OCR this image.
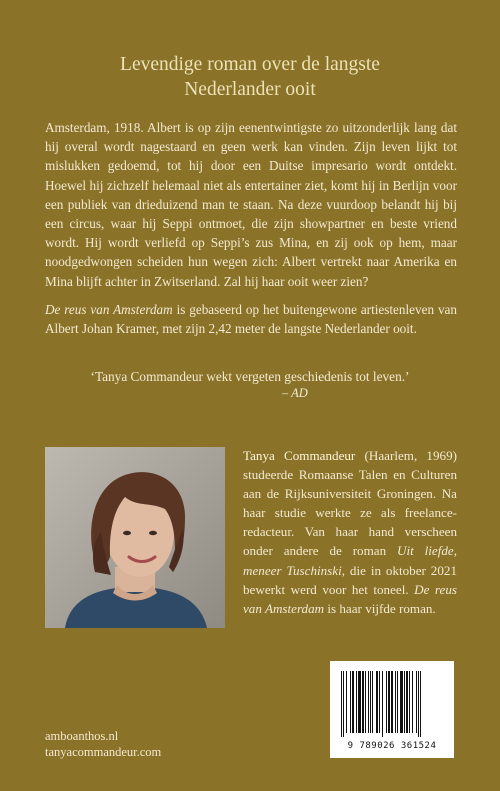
Levendige roman over de langste
Nederlander ooit

Amsterdam, 1918. Albert is op zijn eenentwintigste zo uitzonderlijk lang dat hij overal wordt nagestaard en geen werk kan vinden. Zijn leven lijkt tot mislukken gedoemd, tot hij door een Duitse impresario wordt ontdekt. Hoewel hij zichzelf helemaal niet als entertainer ziet, komt hij in Berlijn voor een publiek van drieduizend man te staan. Na deze vuurdoop belandt hij bij een circus, waar hij Seppi ontmoet, die zijn showpartner en beste vriend wordt. Hij wordt verliefd op Seppi’s zus Mina, en zij ook op hem, maar noodgedwongen scheiden hun wegen zich: Albert vertrekt naar Amerika en Mina blijft achter in Zwitserland. Zal hij haar ooit weer zien?

De reus van Amsterdam is gebaseerd op het buitengewone artiestenleven van Albert Johan Kramer, met zijn 2,42 meter de langste Nederlander ooit.

‘Tanya Commandeur wekt vergeten geschiedenis tot leven.’
– AD
Tanya Commandeur (Haarlem, 1969) studeerde Romaanse Talen en Culturen aan de Rijksuniversiteit Groningen. Na haar studie werkte ze als freelance-redacteur. Van haar hand verscheen onder andere de roman Uit liefde, meneer Tuschinski, die in oktober 2021 bewerkt werd voor het toneel. De reus van Amsterdam is haar vijfde roman.
amboanthos.nl
tanyacommandeur.com	9 789026 361524
